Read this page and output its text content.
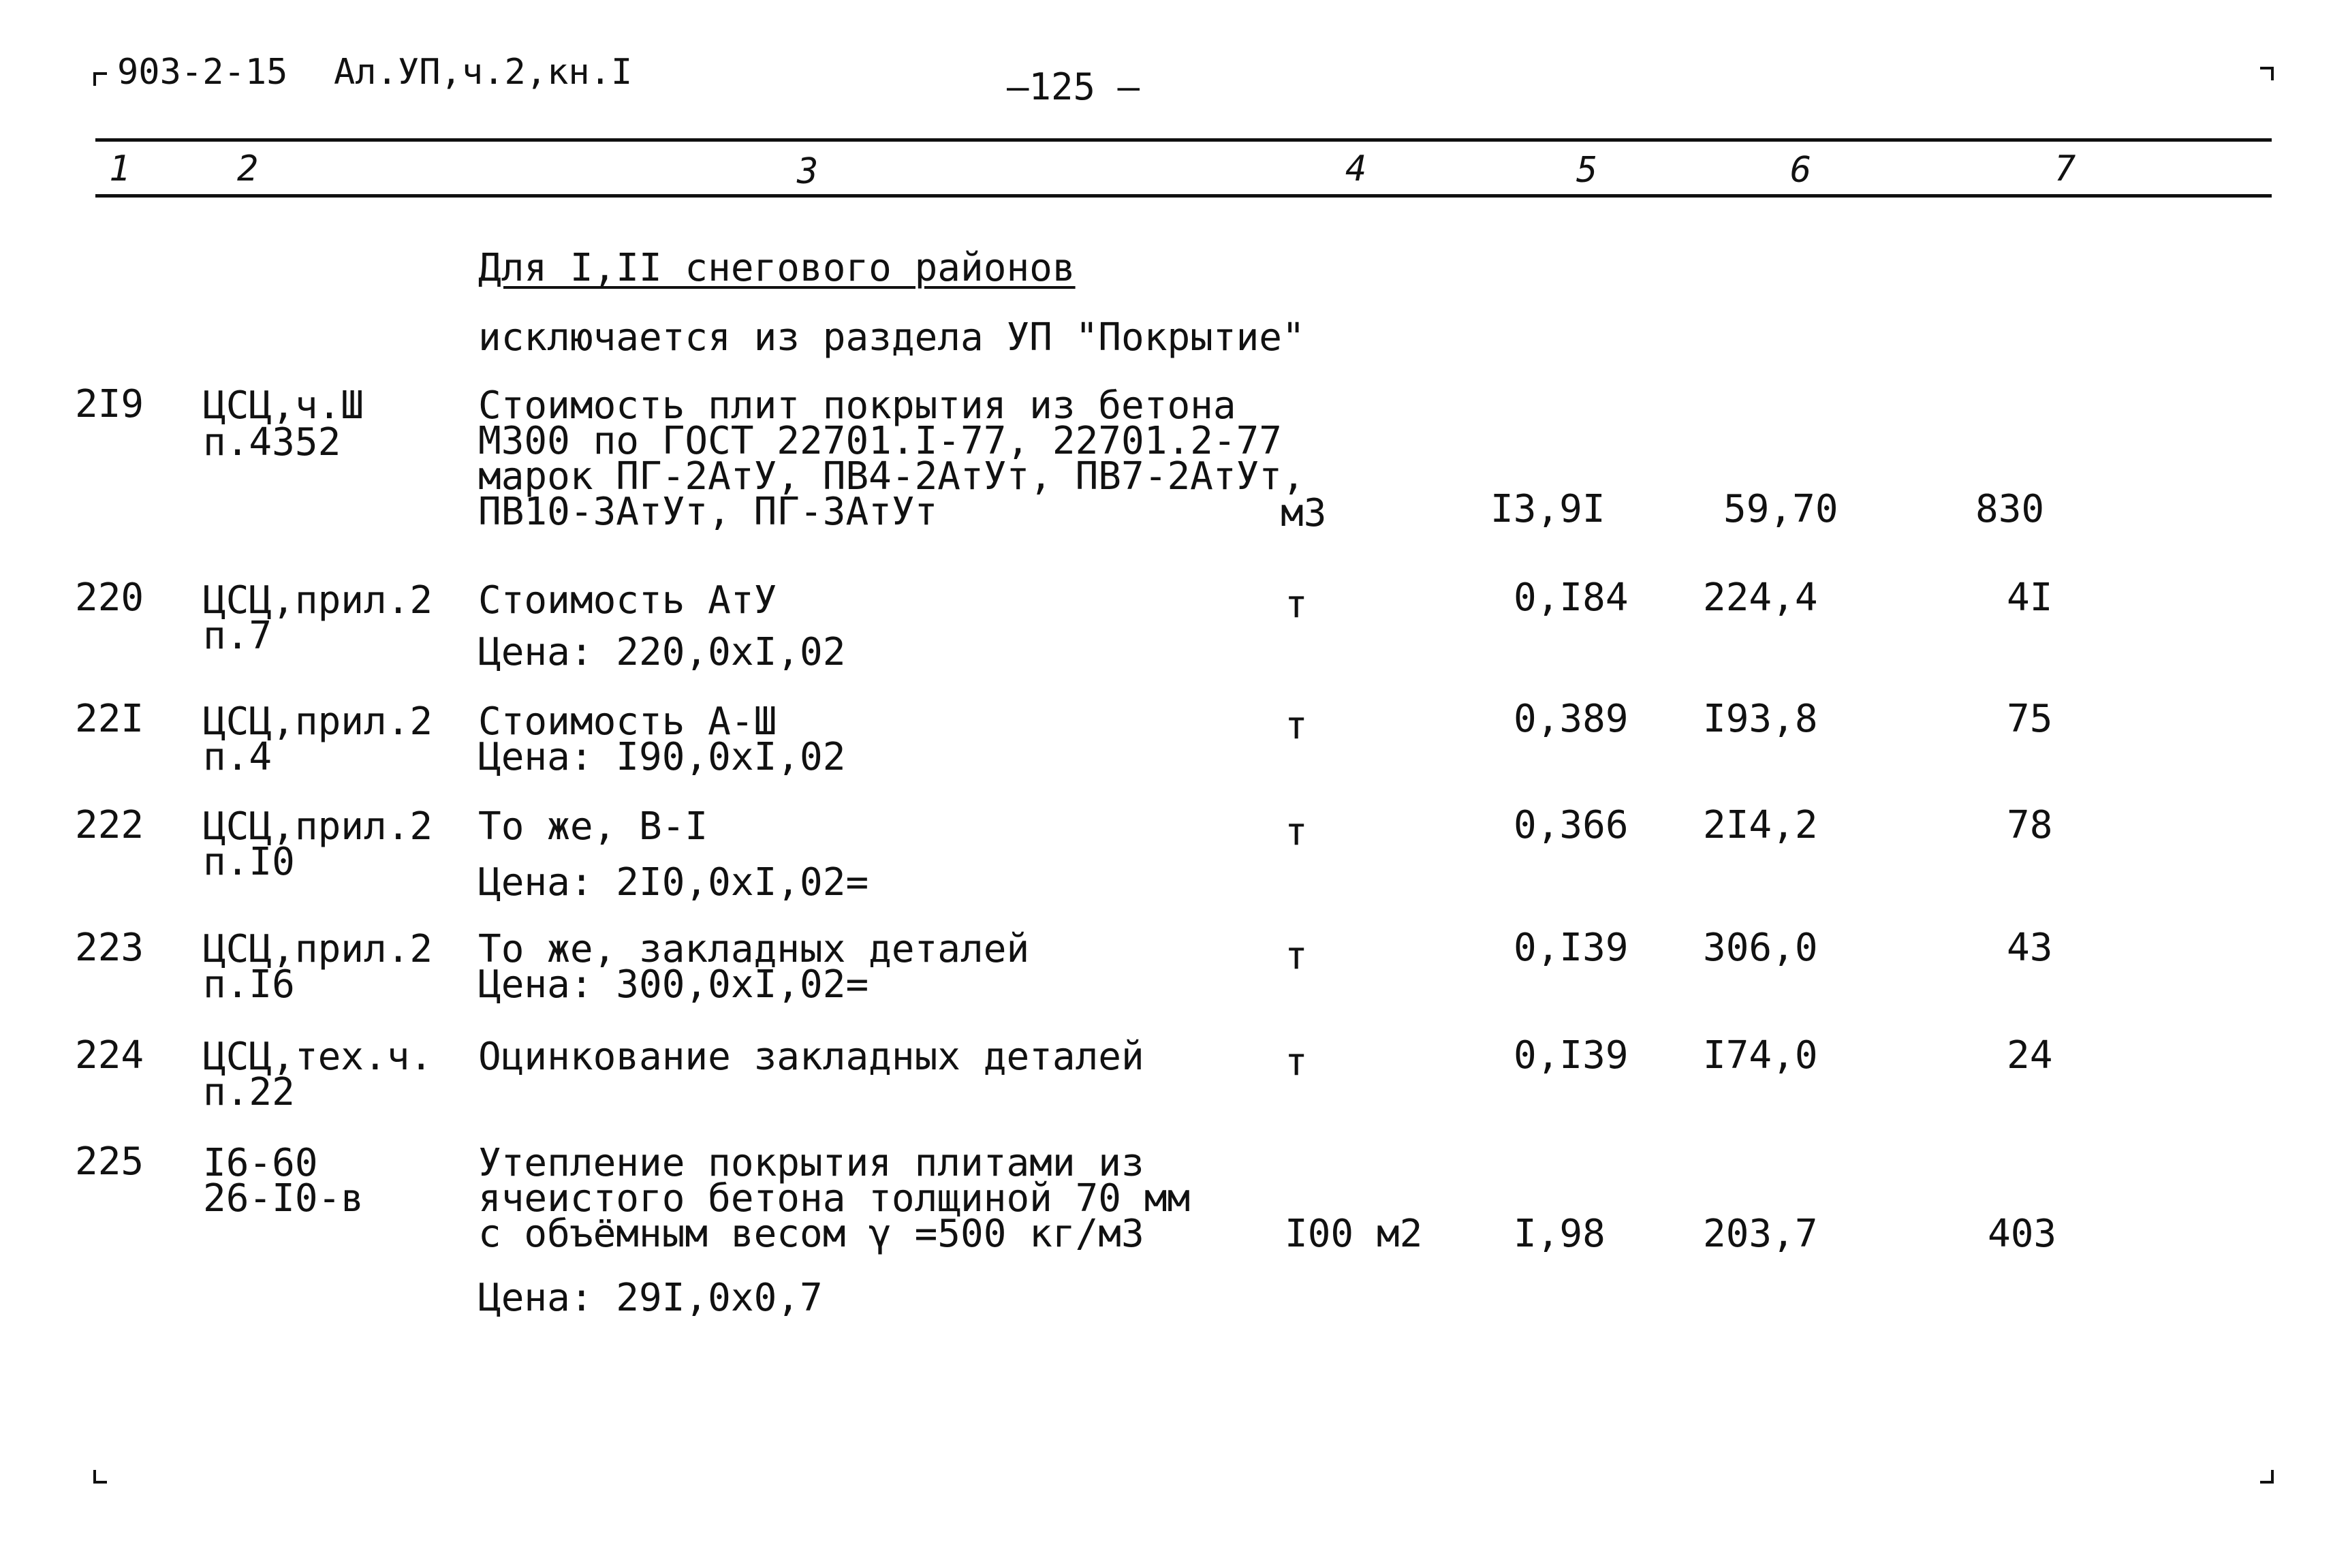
903-2-15 Ал.УП,ч.2,кн.I	—125 —
1	2	3	4	5	6	7
Для I,II снегового районов
исключается из раздела УП "Покрытие"
2I9 ЦСЦ,ч.Ш
п.4352
Стоимость плит покрытия из бетона
М300 по ГОСТ 22701.I-77, 22701.2-77
марок ПГ-2АтУ, ПВ4-2АтУт, ПВ7-2АтУт,
ПВ10-3АтУт, ПГ-3АтУт	м3	I3,9I	59,70	830
220 ЦСЦ,прил.2
п.7
Стоимость АтУ
Цена: 220,0хI,02
т	0,I84 224,4	4I
22I ЦСЦ,прил.2
п.4
Стоимость А-Ш
Цена: I90,0хI,02
т	0,389 I93,8	75
222 ЦСЦ,прил.2
п.I0
То же, В-I
Цена: 2I0,0хI,02=
т	0,366 2I4,2	78
223 ЦСЦ,прил.2
п.I6
То же, закладных деталей
Цена: 300,0хI,02=
т	0,I39 306,0	43
224 ЦСЦ,тех.ч.
п.22
Оцинкование закладных деталей	т	0,I39 I74,0	24
225 I6-60
26-I0-в
Утепление покрытия плитами из
ячеистого бетона толщиной 70 мм
с объёмным весом γ =500 кг/м3
Цена: 29I,0х0,7
I00 м2 I,98	203,7	403
